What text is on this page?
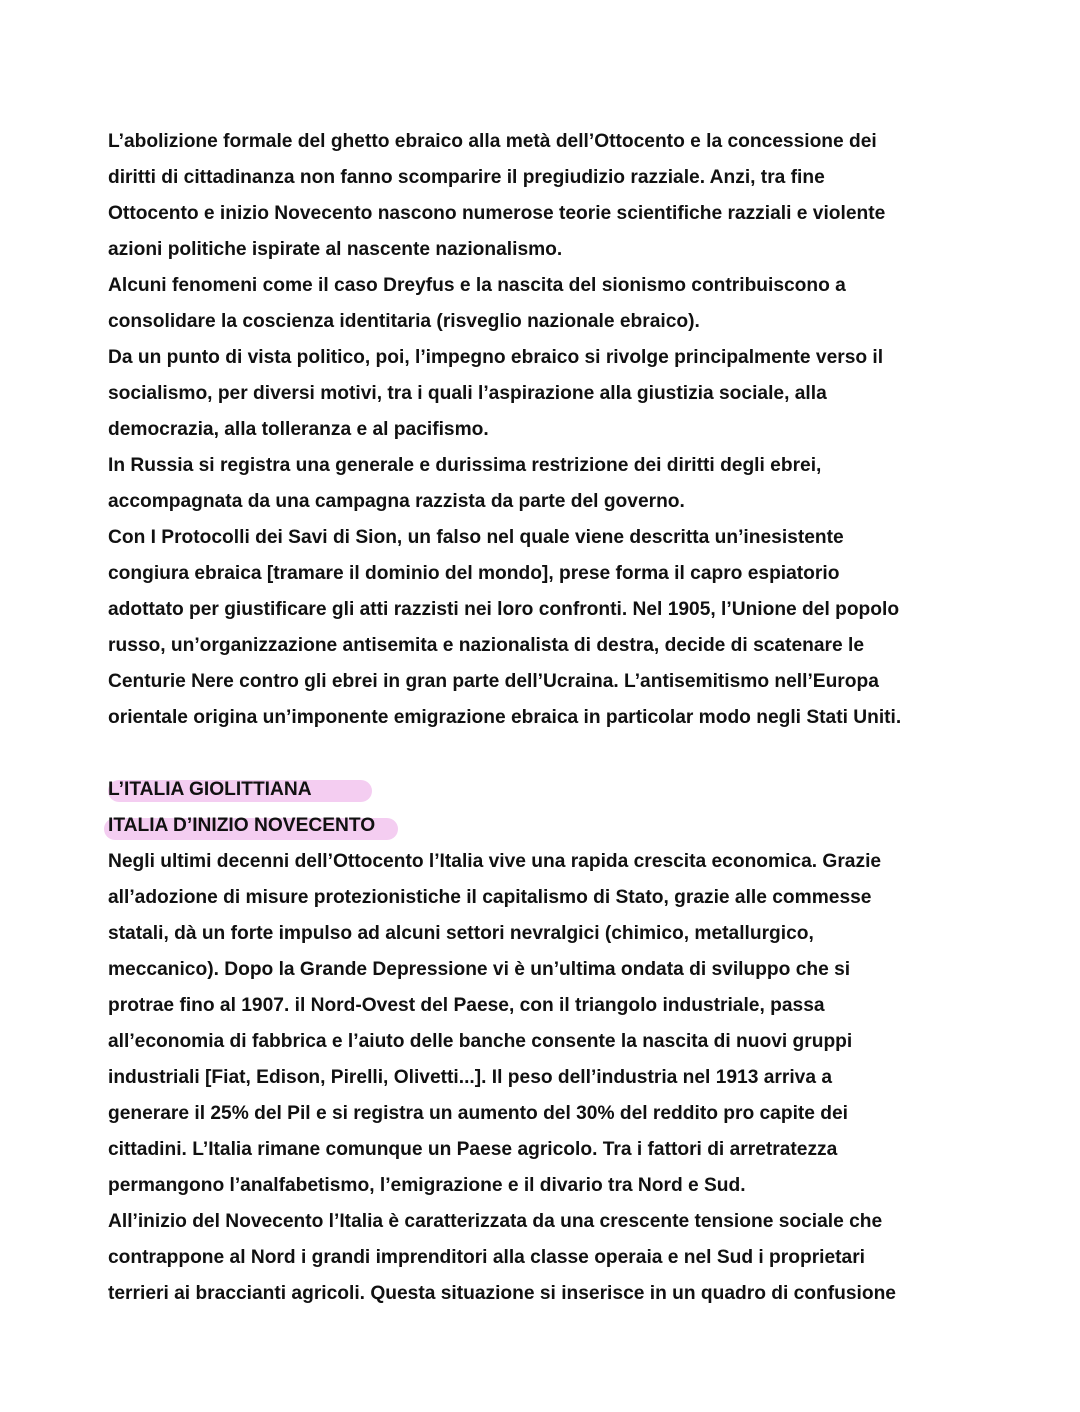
L’abolizione formale del ghetto ebraico alla metà dell’Ottocento e la concessione dei
diritti di cittadinanza non fanno scomparire il pregiudizio razziale. Anzi, tra fine
Ottocento e inizio Novecento nascono numerose teorie scientifiche razziali e violente
azioni politiche ispirate al nascente nazionalismo.
Alcuni fenomeni come il caso Dreyfus e la nascita del sionismo contribuiscono a
consolidare la coscienza identitaria (risveglio nazionale ebraico).
Da un punto di vista politico, poi, l’impegno ebraico si rivolge principalmente verso il
socialismo, per diversi motivi, tra i quali l’aspirazione alla giustizia sociale, alla
democrazia, alla tolleranza e al pacifismo.
In Russia si registra una generale e durissima restrizione dei diritti degli ebrei,
accompagnata da una campagna razzista da parte del governo.
Con I Protocolli dei Savi di Sion, un falso nel quale viene descritta un’inesistente
congiura ebraica [tramare il dominio del mondo], prese forma il capro espiatorio
adottato per giustificare gli atti razzisti nei loro confronti. Nel 1905, l’Unione del popolo
russo, un’organizzazione antisemita e nazionalista di destra, decide di scatenare le
Centurie Nere contro gli ebrei in gran parte dell’Ucraina. L’antisemitismo nell’Europa
orientale origina un’imponente emigrazione ebraica in particolar modo negli Stati Uniti.
L’ITALIA GIOLITTIANA
ITALIA D’INIZIO NOVECENTO
Negli ultimi decenni dell’Ottocento l’Italia vive una rapida crescita economica. Grazie
all’adozione di misure protezionistiche il capitalismo di Stato, grazie alle commesse
statali, dà un forte impulso ad alcuni settori nevralgici (chimico, metallurgico,
meccanico). Dopo la Grande Depressione vi è un’ultima ondata di sviluppo che si
protrae fino al 1907. il Nord-Ovest del Paese, con il triangolo industriale, passa
all’economia di fabbrica e l’aiuto delle banche consente la nascita di nuovi gruppi
industriali [Fiat, Edison, Pirelli, Olivetti...]. Il peso dell’industria nel 1913 arriva a
generare il 25% del Pil e si registra un aumento del 30% del reddito pro capite dei
cittadini. L’Italia rimane comunque un Paese agricolo. Tra i fattori di arretratezza
permangono l’analfabetismo, l’emigrazione e il divario tra Nord e Sud.
All’inizio del Novecento l’Italia è caratterizzata da una crescente tensione sociale che
contrappone al Nord i grandi imprenditori alla classe operaia e nel Sud i proprietari
terrieri ai braccianti agricoli. Questa situazione si inserisce in un quadro di confusione
